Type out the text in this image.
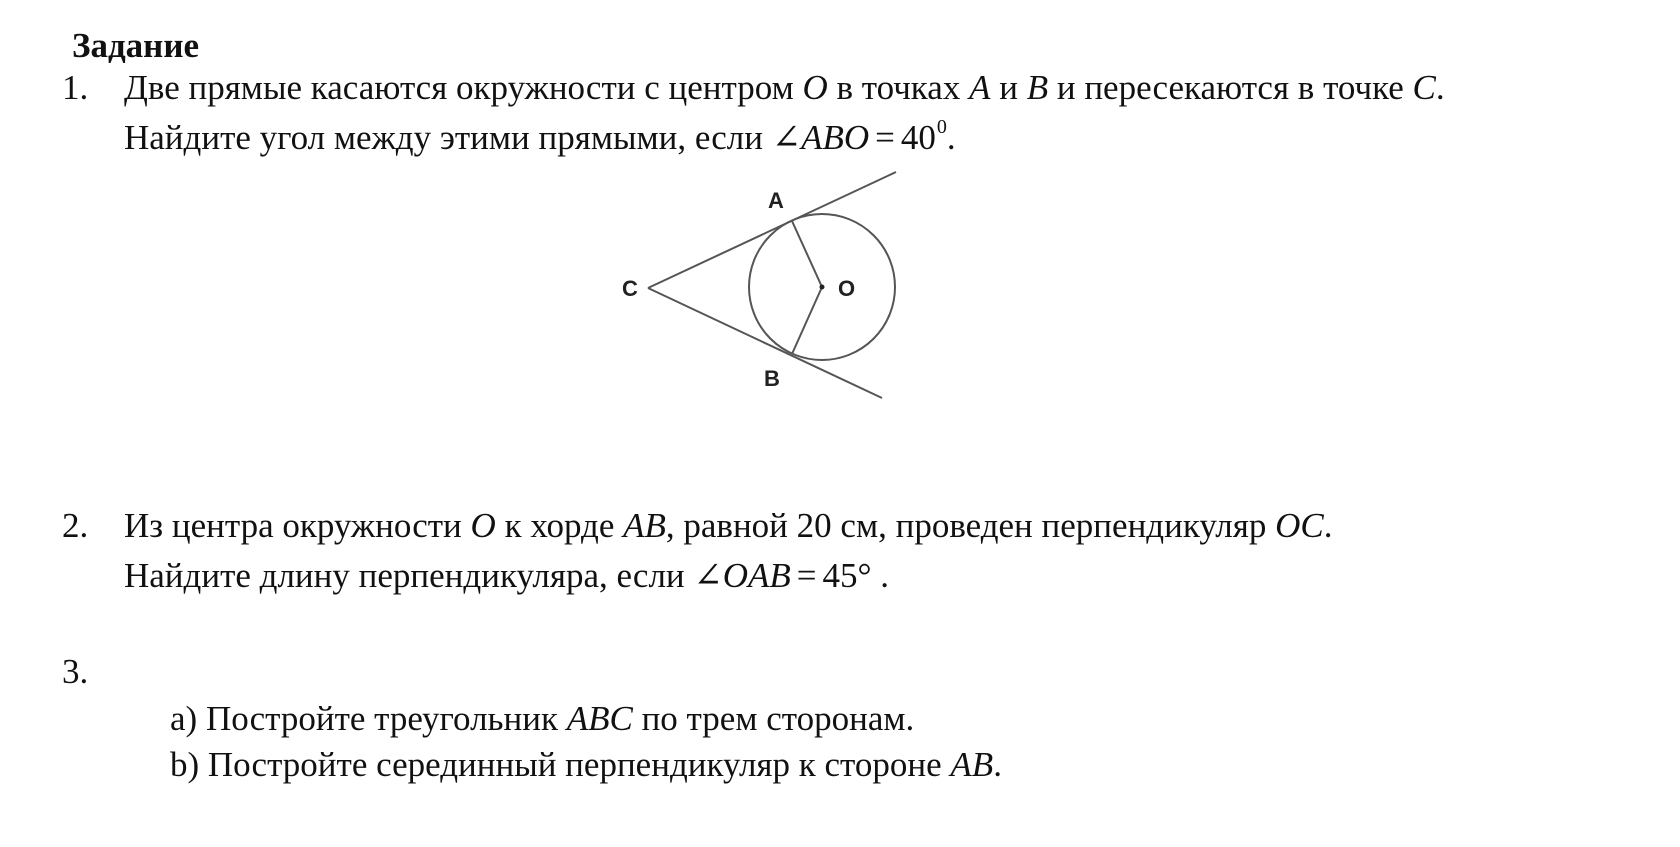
Задание
1. Две прямые касаются окружности с центром O в точках A и B и пересекаются в точке C.
Найдите угол между этими прямыми, если ∠ABO = $40^0$.
A
C	O
B
2. Из центра окружности O к хорде AB, равной 20 см, проведен перпендикуляр OC.
Найдите длину перпендикуляра, если ∠OAB = 45° .
3.
а) Постройте треугольник ABC по трем сторонам.
b) Постройте серединный перпендикуляр к стороне AB.
